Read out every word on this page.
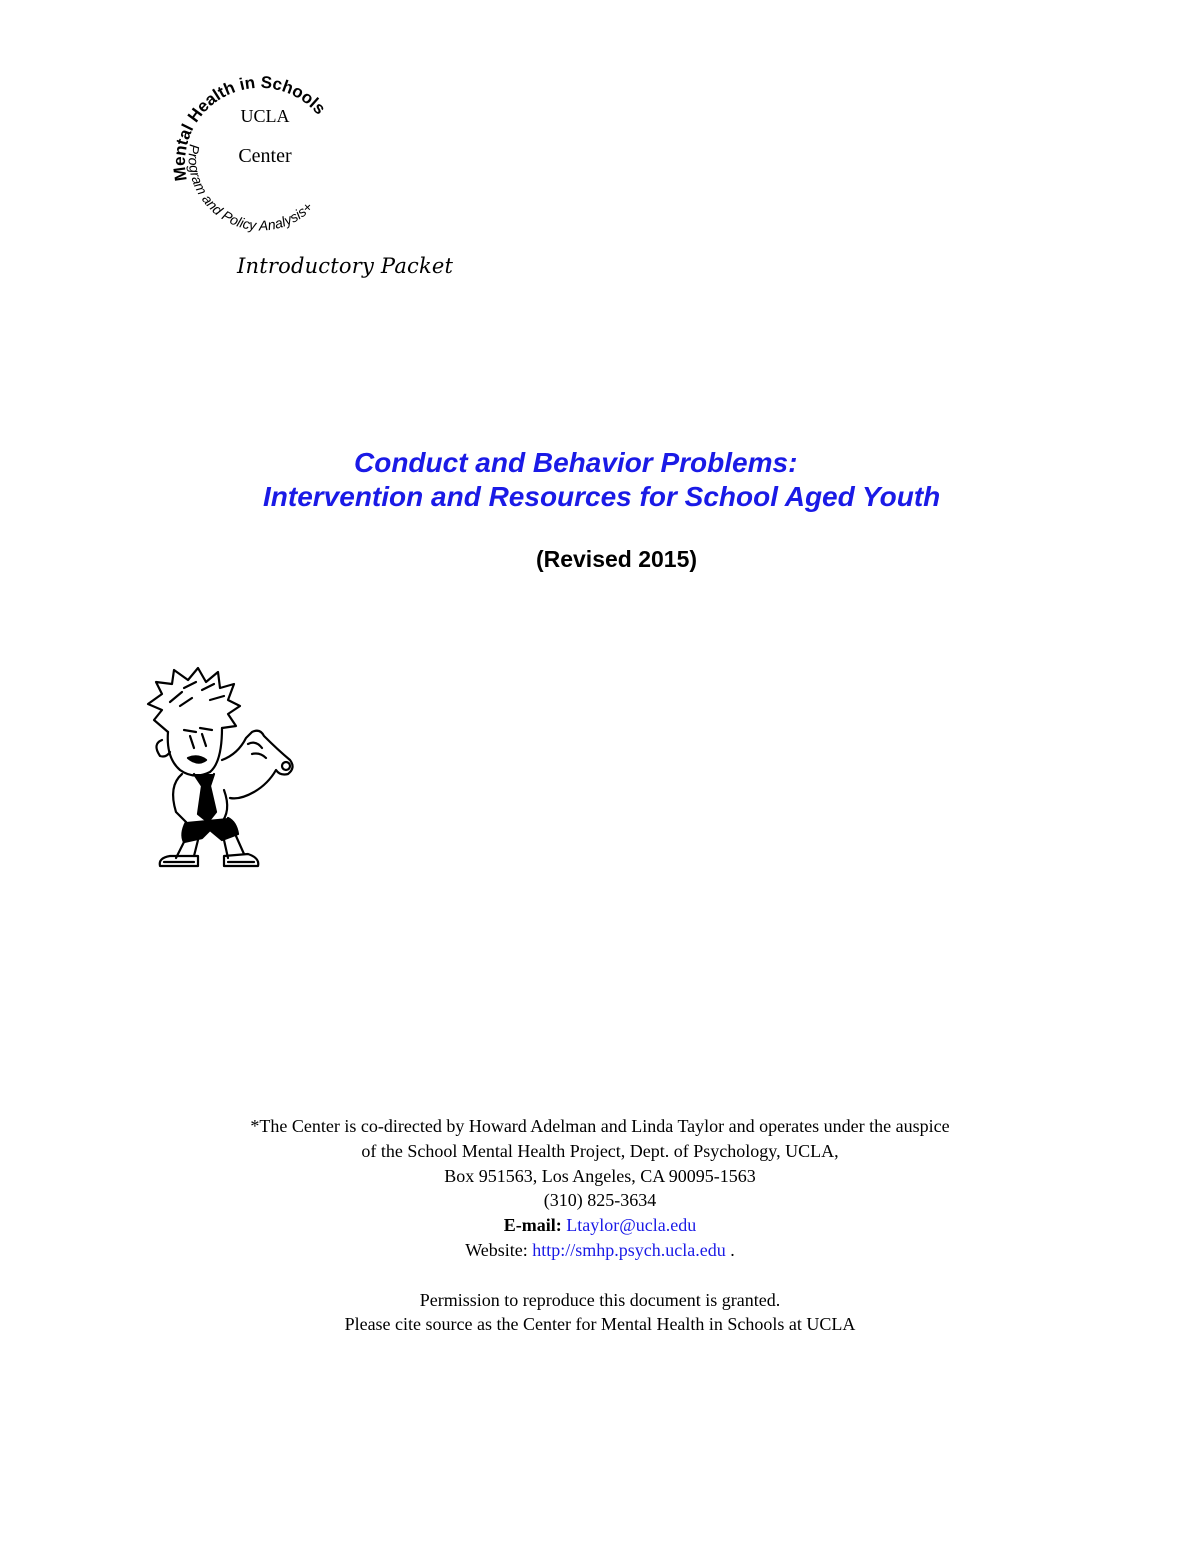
Mental Health in Schools
Program and Policy Analysis+
UCLA
Center
Introductory Packet
Conduct and Behavior Problems:
Intervention and Resources for School Aged Youth
(Revised 2015)
*The Center is co-directed by Howard Adelman and Linda Taylor and operates under the auspice
of the School Mental Health Project, Dept. of Psychology, UCLA,
Box 951563, Los Angeles, CA 90095-1563
(310) 825-3634
E-mail: Ltaylor@ucla.edu
Website: http://smhp.psych.ucla.edu .
Permission to reproduce this document is granted.
Please cite source as the Center for Mental Health in Schools at UCLA
